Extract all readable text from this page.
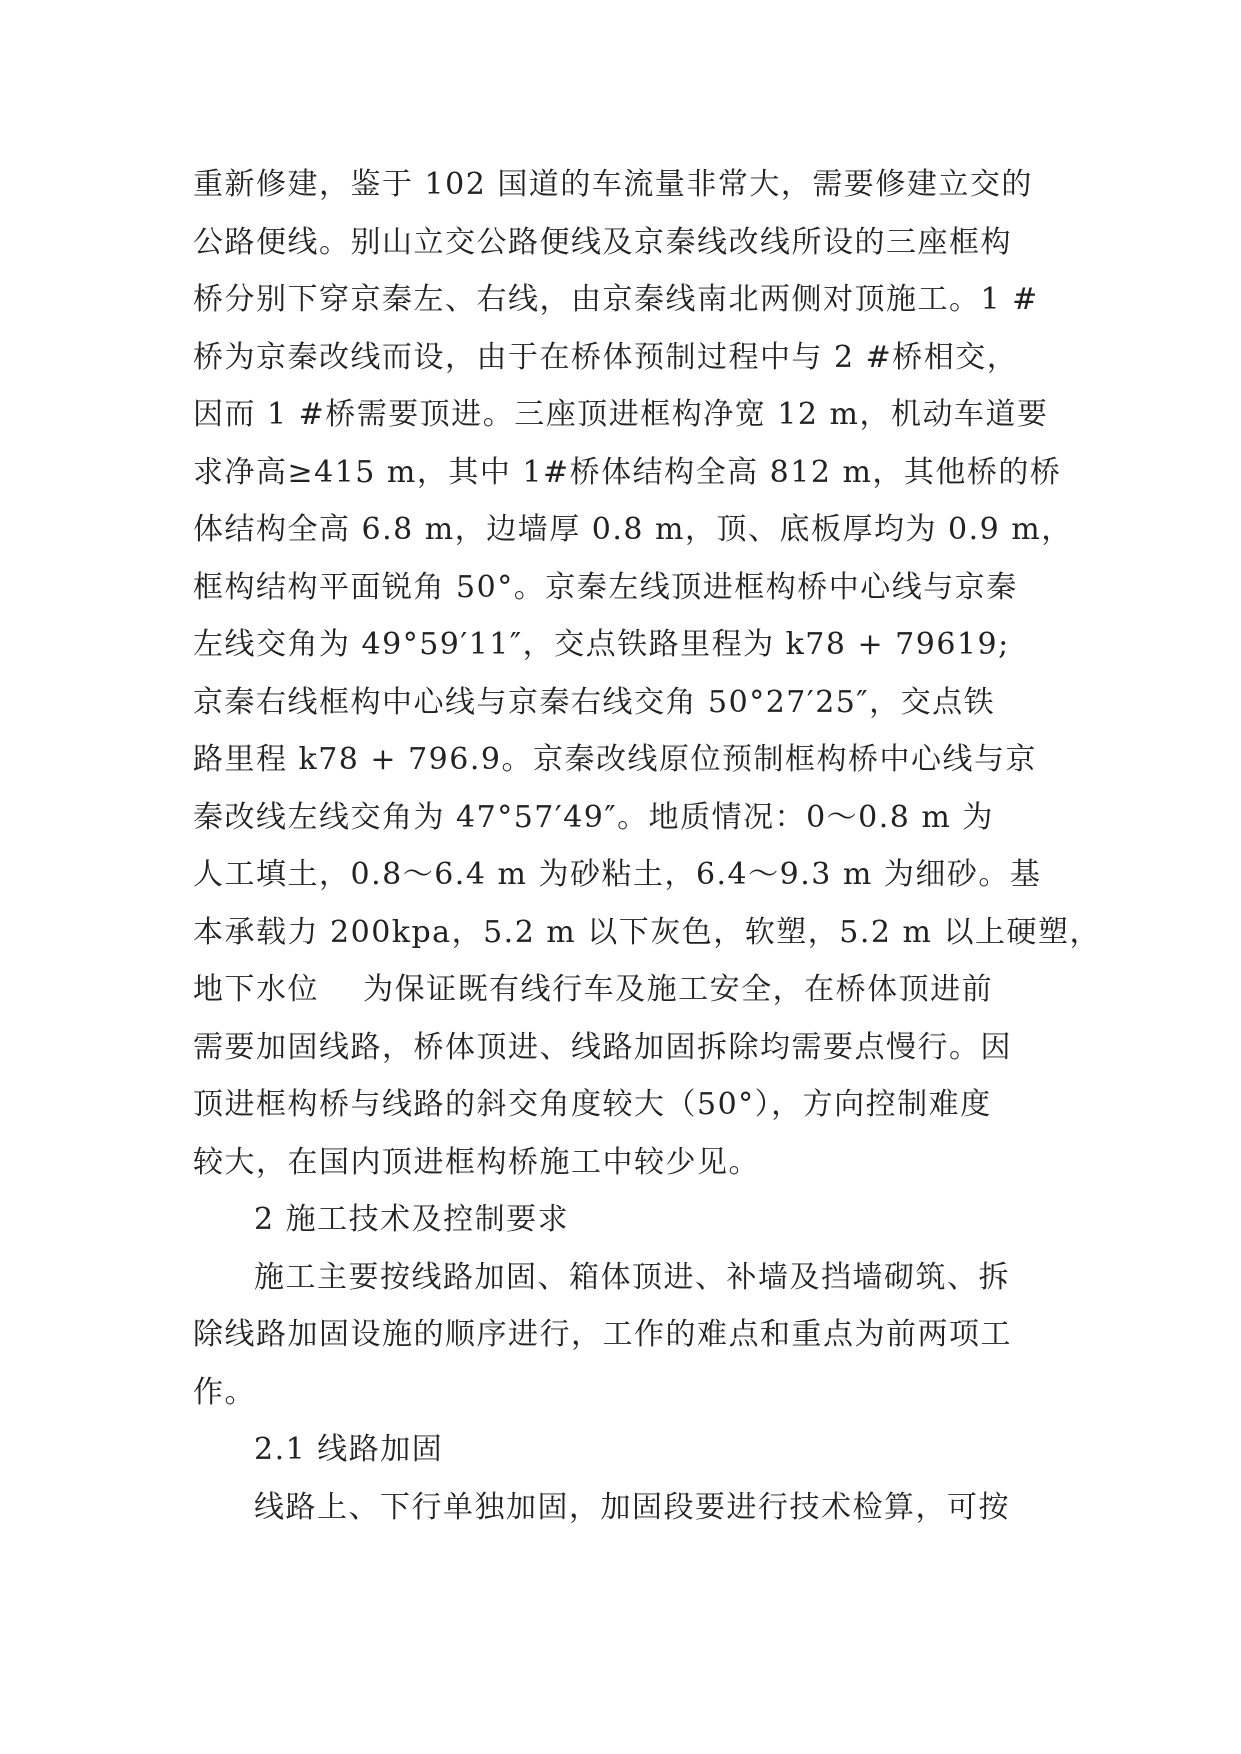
重新修建，鉴于 102 国道的车流量非常大，需要修建立交的
公路便线。别山立交公路便线及京秦线改线所设的三座框构
桥分别下穿京秦左、右线，由京秦线南北两侧对顶施工。1 #
桥为京秦改线而设，由于在桥体预制过程中与 2 #桥相交，
因而 1 #桥需要顶进。三座顶进框构净宽 12 m，机动车道要
求净高≥415 m，其中 1#桥体结构全高 812 m，其他桥的桥
体结构全高 6.8 m，边墙厚 0.8 m，顶、底板厚均为 0.9 m，
框构结构平面锐角 50°。京秦左线顶进框构桥中心线与京秦
左线交角为 49°59′11″，交点铁路里程为 k78 + 79619;
京秦右线框构中心线与京秦右线交角 50°27′25″，交点铁
路里程 k78 + 796.9。京秦改线原位预制框构桥中心线与京
秦改线左线交角为 47°57′49″。地质情况：0～0.8 m 为
人工填土，0.8～6.4 m 为砂粘土，6.4～9.3 m 为细砂。基
本承载力 200kpa，5.2 m 以下灰色，软塑，5.2 m 以上硬塑，
地下水位    为保证既有线行车及施工安全，在桥体顶进前
需要加固线路，桥体顶进、线路加固拆除均需要点慢行。因
顶进框构桥与线路的斜交角度较大（50°），方向控制难度
较大，在国内顶进框构桥施工中较少见。
2 施工技术及控制要求
施工主要按线路加固、箱体顶进、补墙及挡墙砌筑、拆
除线路加固设施的顺序进行，工作的难点和重点为前两项工
作。
2.1 线路加固
线路上、下行单独加固，加固段要进行技术检算，可按
